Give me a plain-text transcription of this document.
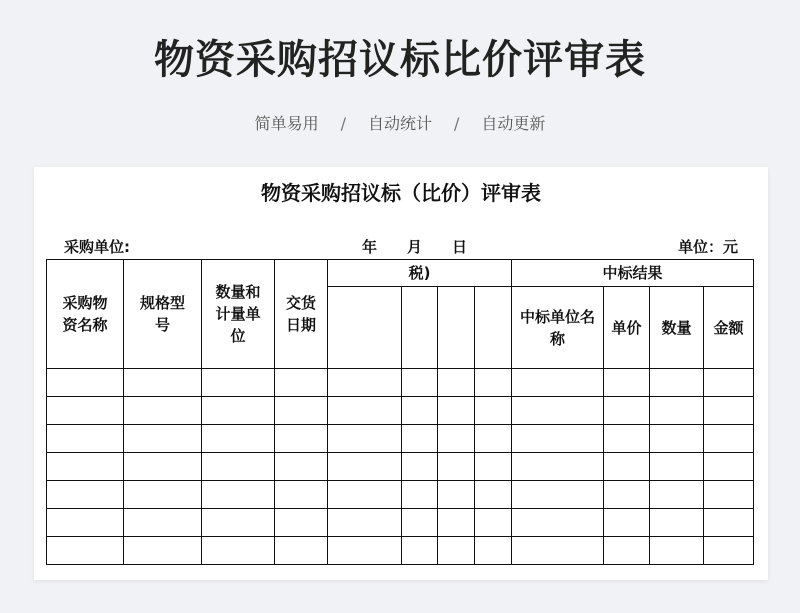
物资采购招议标比价评审表
简单易用 / 自动统计 / 自动更新
物资采购招议标（比价）评审表
采购单位:	年 月 日	单位：元
采购物资名称	规格型号	数量和计量单位	交货日期	税)				中标结果			

								中标单位名称	单价	数量	金额
